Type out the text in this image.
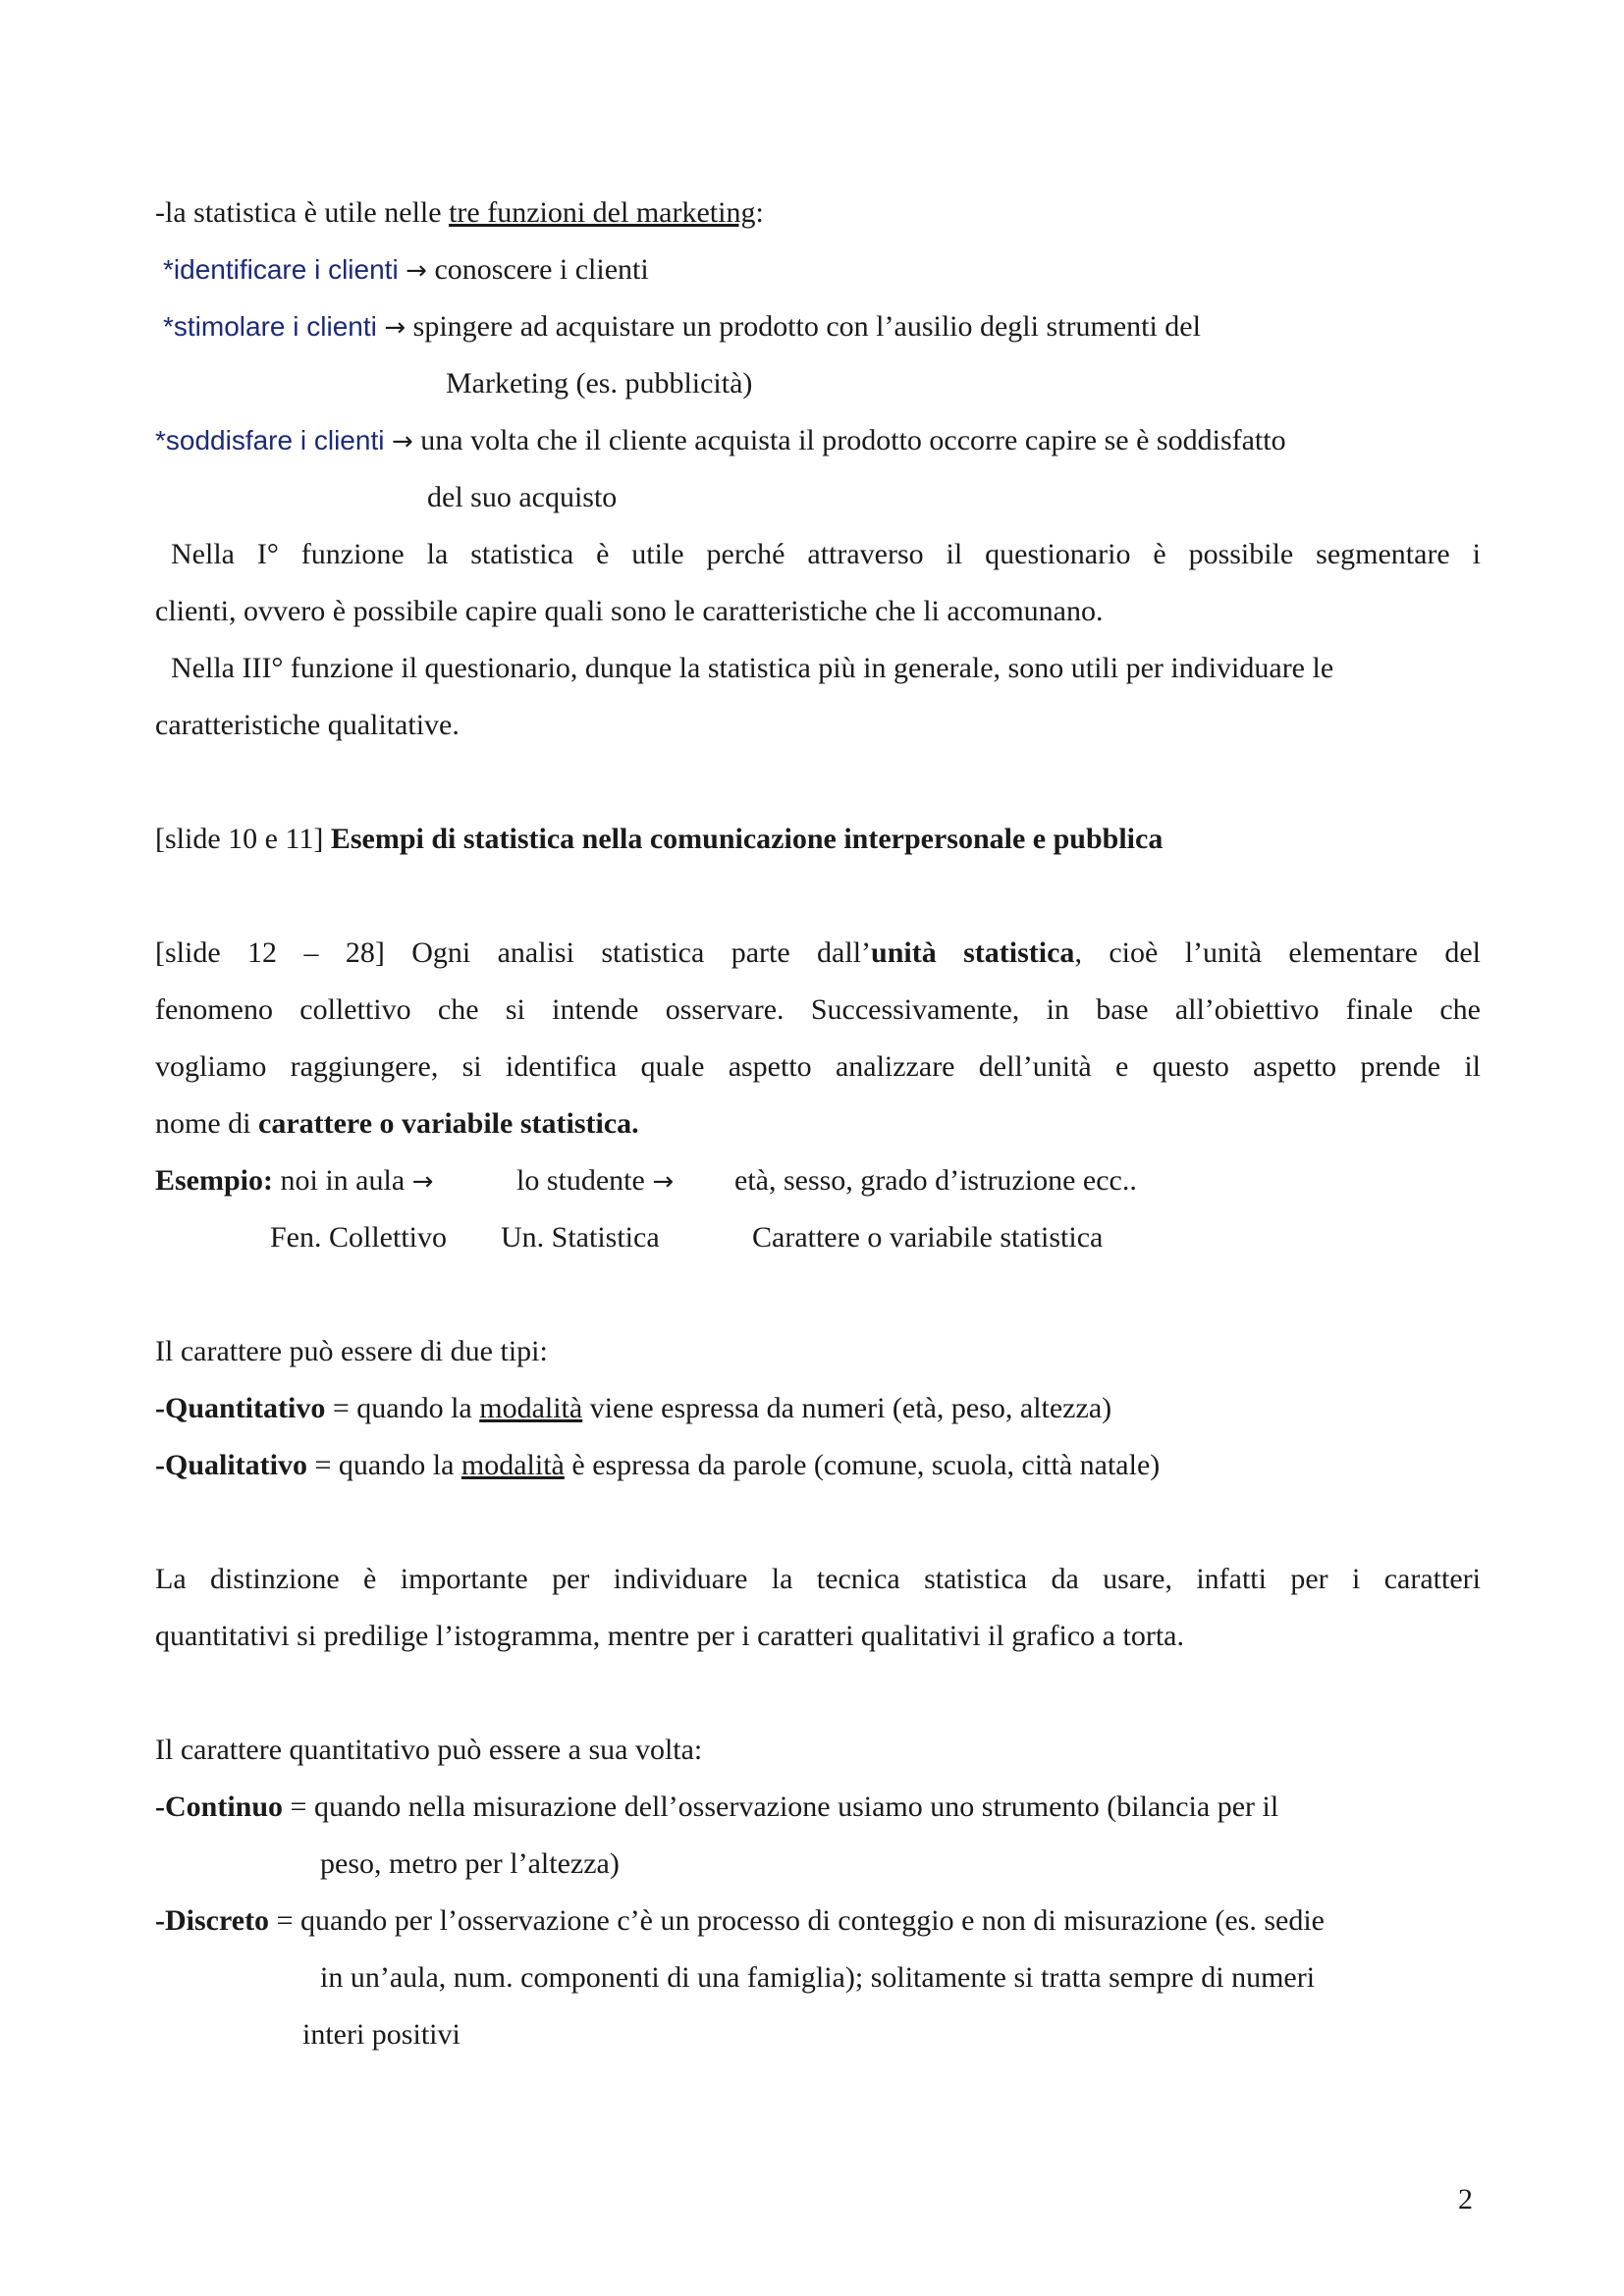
-la statistica è utile nelle tre funzioni del marketing:
*identificare i clienti → conoscere i clienti
*stimolare i clienti → spingere ad acquistare un prodotto con l’ausilio degli strumenti del
Marketing (es. pubblicità)
*soddisfare i clienti → una volta che il cliente acquista il prodotto occorre capire se è soddisfatto
del suo acquisto
Nella I° funzione la statistica è utile perché attraverso il questionario è possibile segmentare i
clienti, ovvero è possibile capire quali sono le caratteristiche che li accomunano.
Nella III° funzione il questionario, dunque la statistica più in generale, sono utili per individuare le
caratteristiche qualitative.
[slide 10 e 11] Esempi di statistica nella comunicazione interpersonale e pubblica
[slide 12 – 28] Ogni analisi statistica parte dall’unità statistica, cioè l’unità elementare del
fenomeno collettivo che si intende osservare. Successivamente, in base all’obiettivo finale che
vogliamo raggiungere, si identifica quale aspetto analizzare dell’unità e questo aspetto prende il
nome di carattere o variabile statistica.
Esempio: noi in aula →	lo studente → età, sesso, grado d’istruzione ecc..
Fen. Collettivo Un. Statistica	Carattere o variabile statistica
Il carattere può essere di due tipi:
-Quantitativo = quando la modalità viene espressa da numeri (età, peso, altezza)
-Qualitativo = quando la modalità è espressa da parole (comune, scuola, città natale)
La distinzione è importante per individuare la tecnica statistica da usare, infatti per i caratteri
quantitativi si predilige l’istogramma, mentre per i caratteri qualitativi il grafico a torta.
Il carattere quantitativo può essere a sua volta:
-Continuo = quando nella misurazione dell’osservazione usiamo uno strumento (bilancia per il
peso, metro per l’altezza)
-Discreto = quando per l’osservazione c’è un processo di conteggio e non di misurazione (es. sedie
in un’aula, num. componenti di una famiglia); solitamente si tratta sempre di numeri
interi positivi
2
